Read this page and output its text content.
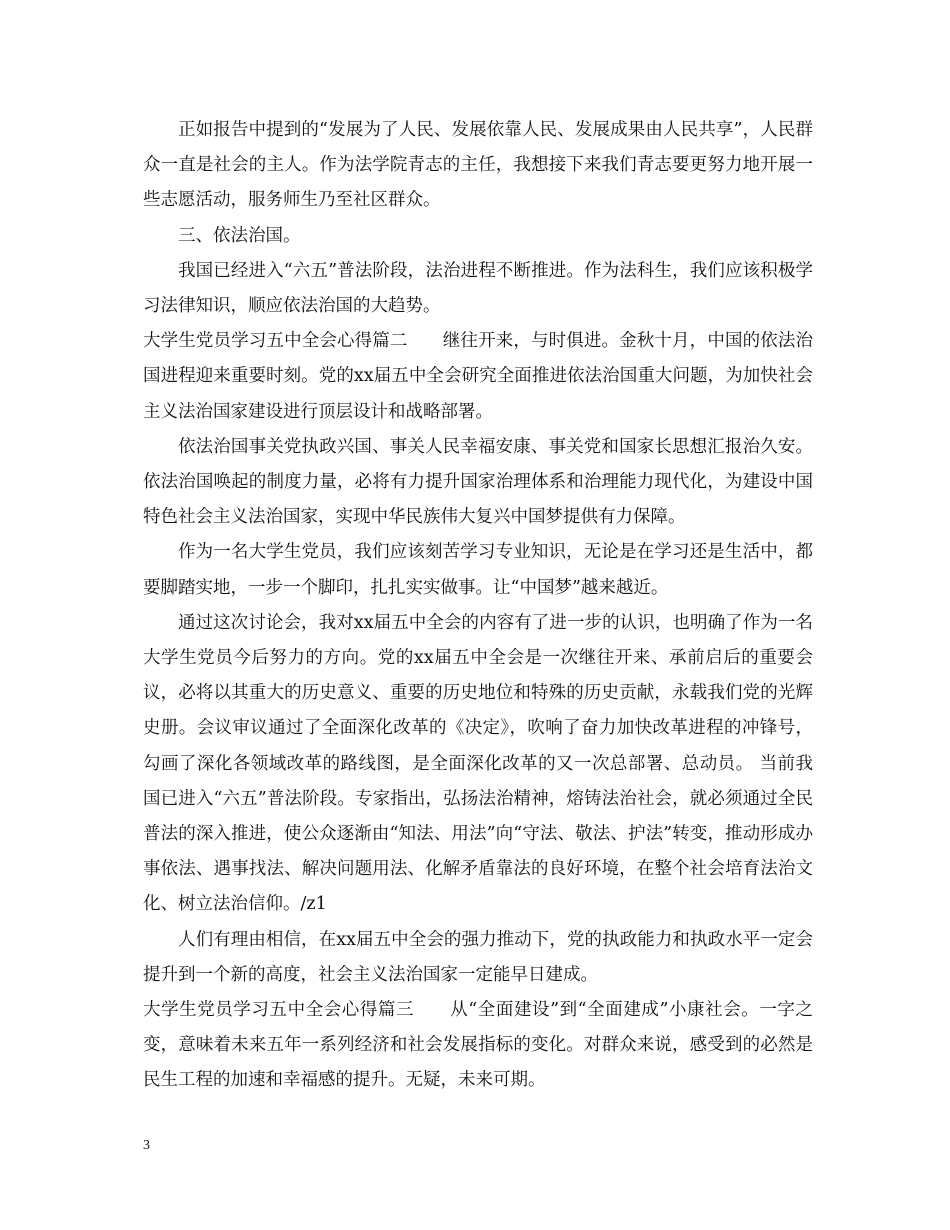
正如报告中提到的“发展为了人民、发展依靠人民、发展成果由人民共享”，人民群众一直是社会的主人。作为法学院青志的主任，我想接下来我们青志要更努力地开展一些志愿活动，服务师生乃至社区群众。

三、依法治国。

我国已经进入“六五”普法阶段，法治进程不断推进。作为法科生，我们应该积极学习法律知识，顺应依法治国的大趋势。

大学生党员学习五中全会心得篇二　　继往开来，与时俱进。金秋十月，中国的依法治国进程迎来重要时刻。党的xx届五中全会研究全面推进依法治国重大问题，为加快社会主义法治国家建设进行顶层设计和战略部署。

依法治国事关党执政兴国、事关人民幸福安康、事关党和国家长思想汇报治久安。依法治国唤起的制度力量，必将有力提升国家治理体系和治理能力现代化，为建设中国特色社会主义法治国家，实现中华民族伟大复兴中国梦提供有力保障。

作为一名大学生党员，我们应该刻苦学习专业知识，无论是在学习还是生活中，都要脚踏实地，一步一个脚印，扎扎实实做事。让“中国梦”越来越近。

通过这次讨论会，我对xx届五中全会的内容有了进一步的认识，也明确了作为一名大学生党员今后努力的方向。党的xx届五中全会是一次继往开来、承前启后的重要会议，必将以其重大的历史意义、重要的历史地位和特殊的历史贡献，永载我们党的光辉史册。会议审议通过了全面深化改革的《决定》，吹响了奋力加快改革进程的冲锋号，勾画了深化各领域改革的路线图，是全面深化改革的又一次总部署、总动员。 当前我国已进入“六五”普法阶段。专家指出，弘扬法治精神，熔铸法治社会，就必须通过全民普法的深入推进，使公众逐渐由“知法、用法”向“守法、敬法、护法”转变，推动形成办事依法、遇事找法、解决问题用法、化解矛盾靠法的良好环境，在整个社会培育法治文化、树立法治信仰。/z1

人们有理由相信，在xx届五中全会的强力推动下，党的执政能力和执政水平一定会提升到一个新的高度，社会主义法治国家一定能早日建成。

大学生党员学习五中全会心得篇三　　从“全面建设”到“全面建成”小康社会。一字之变，意味着未来五年一系列经济和社会发展指标的变化。对群众来说，感受到的必然是民生工程的加速和幸福感的提升。无疑，未来可期。

3
